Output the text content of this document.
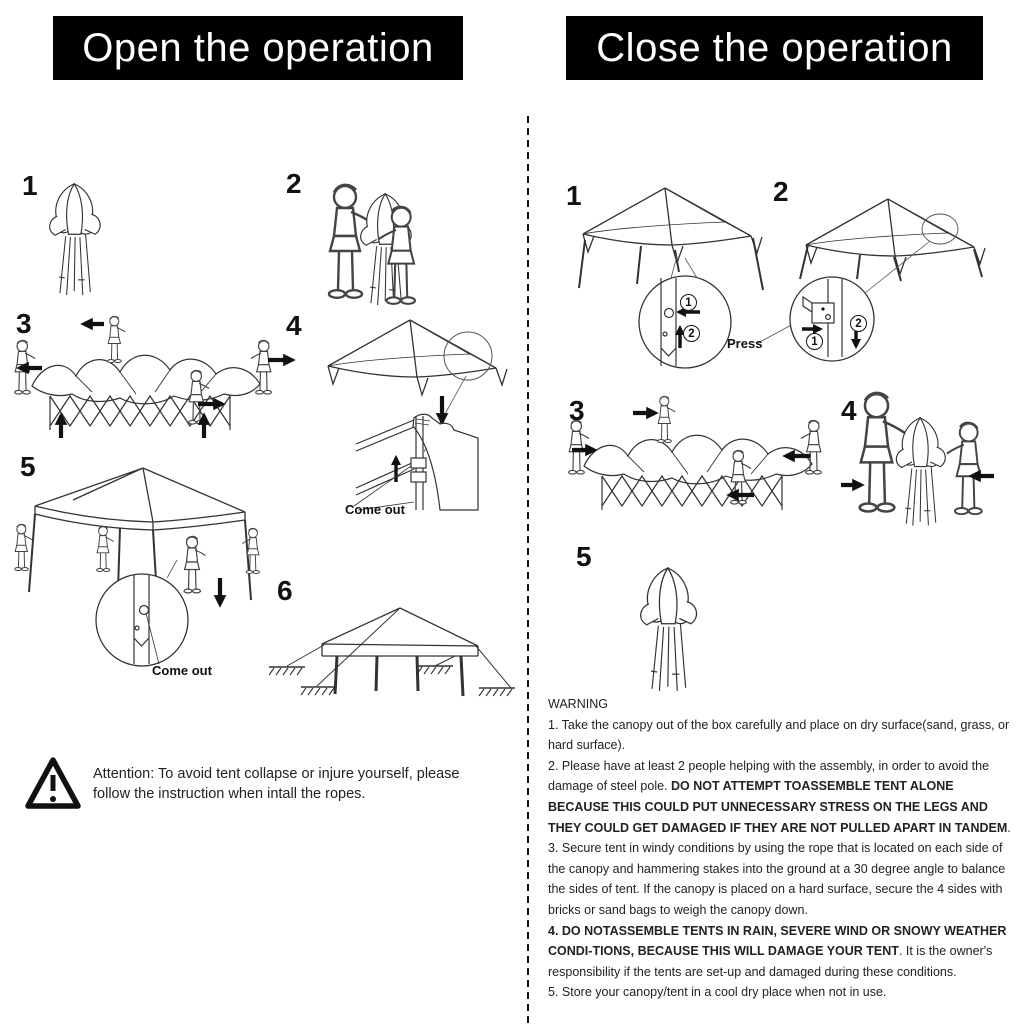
Open the operation	Close the operation
1	2
3	4
5
6
1	2
3	4
5
Come out
Come out
Press
1
2
1
2
Attention: To avoid tent collapse or injure yourself, please
follow the instruction when intall the ropes.

WARNING

1. Take the canopy out of the box carefully and place on dry surface(sand, grass, or hard surface).

2. Please have at least 2 people helping with the assembly, in order to avoid the damage of steel pole. DO NOT ATTEMPT TOASSEMBLE TENT ALONE BECAUSE THIS COULD PUT UNNECESSARY STRESS ON THE LEGS AND THEY COULD GET DAMAGED IF THEY ARE NOT PULLED APART IN TANDEM.

3. Secure tent in windy conditions by using the rope that is located on each side of the canopy and hammering stakes into the ground at a 30 degree angle to balance the sides of tent. If the canopy is placed on a hard surface, secure the 4 sides with bricks or sand bags to weigh the canopy down.

4. DO NOTASSEMBLE TENTS IN RAIN, SEVERE WIND OR SNOWY WEATHER CONDI-TIONS, BECAUSE THIS WILL DAMAGE YOUR TENT. It is the owner's responsibility if the tents are set-up and damaged during these conditions.

5. Store your canopy/tent in a cool dry place when not in use.
